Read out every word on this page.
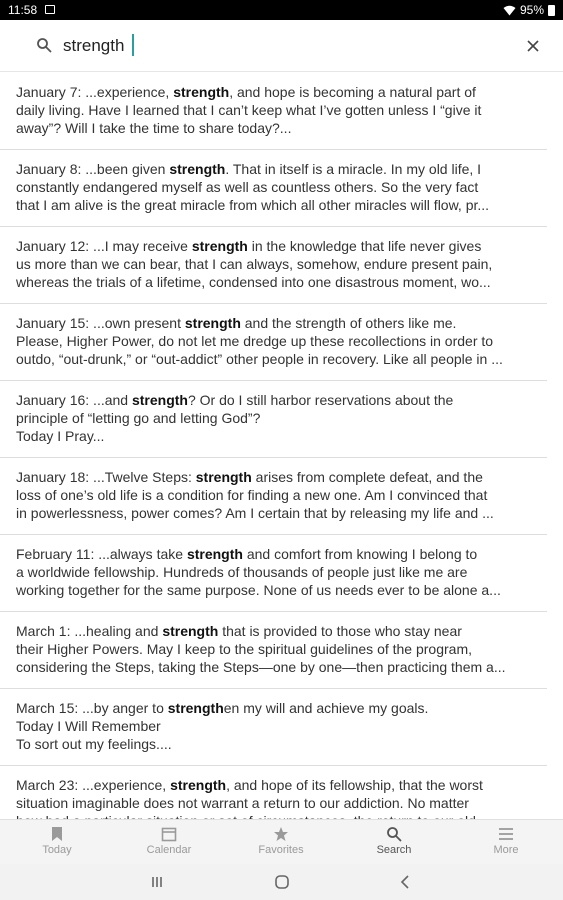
11:58	95%
strength
January 7: ...experience, strength, and hope is becoming a natural part of
daily living. Have I learned that I can’t keep what I’ve gotten unless I “give it
away”? Will I take the time to share today?...
January 8: ...been given strength. That in itself is a miracle. In my old life, I
constantly endangered myself as well as countless others. So the very fact
that I am alive is the great miracle from which all other miracles will flow, pr...
January 12: ...I may receive strength in the knowledge that life never gives
us more than we can bear, that I can always, somehow, endure present pain,
whereas the trials of a lifetime, condensed into one disastrous moment, wo...
January 15: ...own present strength and the strength of others like me.
Please, Higher Power, do not let me dredge up these recollections in order to
outdo, “out-drunk,” or “out-addict” other people in recovery. Like all people in ...
January 16: ...and strength? Or do I still harbor reservations about the
principle of “letting go and letting God”?
Today I Pray...
January 18: ...Twelve Steps: strength arises from complete defeat, and the
loss of one’s old life is a condition for finding a new one. Am I convinced that
in powerlessness, power comes? Am I certain that by releasing my life and ...
February 11: ...always take strength and comfort from knowing I belong to
a worldwide fellowship. Hundreds of thousands of people just like me are
working together for the same purpose. None of us needs ever to be alone a...
March 1: ...healing and strength that is provided to those who stay near
their Higher Powers. May I keep to the spiritual guidelines of the program,
considering the Steps, taking the Steps—one by one—then practicing them a...
March 15: ...by anger to strengthen my will and achieve my goals.
Today I Will Remember
To sort out my feelings....
March 23: ...experience, strength, and hope of its fellowship, that the worst
situation imaginable does not warrant a return to our addiction. No matter
Today	Calendar	Favorites	Search	More
